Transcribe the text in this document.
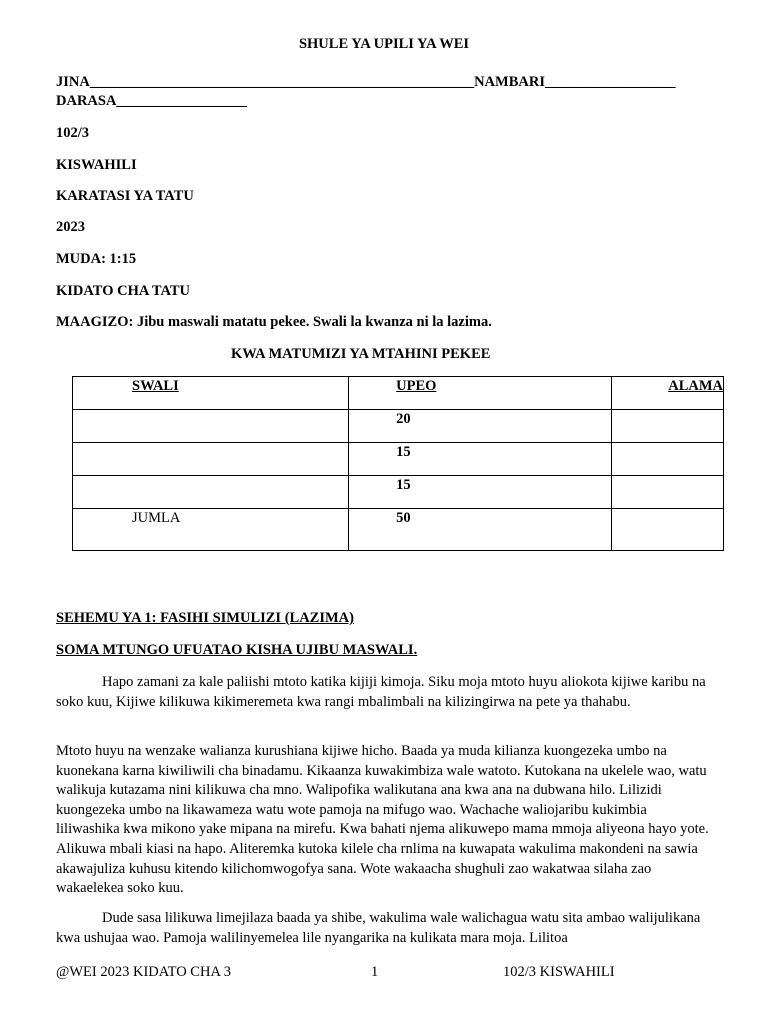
SHULE YA UPILI YA WEI
JINA_____________________________________________________NAMBARI__________________
DARASA__________________
102/3
KISWAHILI
KARATASI YA TATU
2023
MUDA: 1:15
KIDATO CHA TATU
MAAGIZO: Jibu maswali matatu pekee. Swali la kwanza ni la lazima.
KWA MATUMIZI YA MTAHINI PEKEE
SWALI	UPEO	ALAMA
	20	
	15	
	15	
JUMLA	50	
SEHEMU YA 1: FASIHI SIMULIZI (LAZIMA)
SOMA MTUNGO UFUATAO KISHA UJIBU MASWALI.
Hapo zamani za kale paliishi mtoto katika kijiji kimoja. Siku moja mtoto huyu aliokota kijiwe karibu na soko kuu, Kijiwe kilikuwa kikimeremeta kwa rangi mbalimbali na kilizingirwa na pete ya thahabu.
Mtoto huyu na wenzake walianza kurushiana kijiwe hicho. Baada ya muda kilianza kuongezeka umbo na kuonekana karna kiwiliwili cha binadamu. Kikaanza kuwakimbiza wale watoto. Kutokana na ukelele wao, watu walikuja kutazama nini kilikuwa cha mno. Walipofika walikutana ana kwa ana na dubwana hilo. Lilizidi kuongezeka umbo na likawameza watu wote pamoja na mifugo wao. Wachache waliojaribu kukimbia liliwashika kwa mikono yake mipana na mirefu. Kwa bahati njema alikuwepo mama mmoja aliyeona hayo yote. Alikuwa mbali kiasi na hapo. Aliteremka kutoka kilele cha rnlima na kuwapata wakulima makondeni na sawia akawajuliza kuhusu kitendo kilichomwogofya sana. Wote wakaacha shughuli zao wakatwaa silaha zao wakaelekea soko kuu.
Dude sasa lilikuwa limejilaza baada ya shibe, wakulima wale walichagua watu sita ambao walijulikana kwa ushujaa wao. Pamoja walilinyemelea lile nyangarika na kulikata mara moja. Lilitoa
@WEI 2023 KIDATO CHA 3	1	102/3 KISWAHILI
